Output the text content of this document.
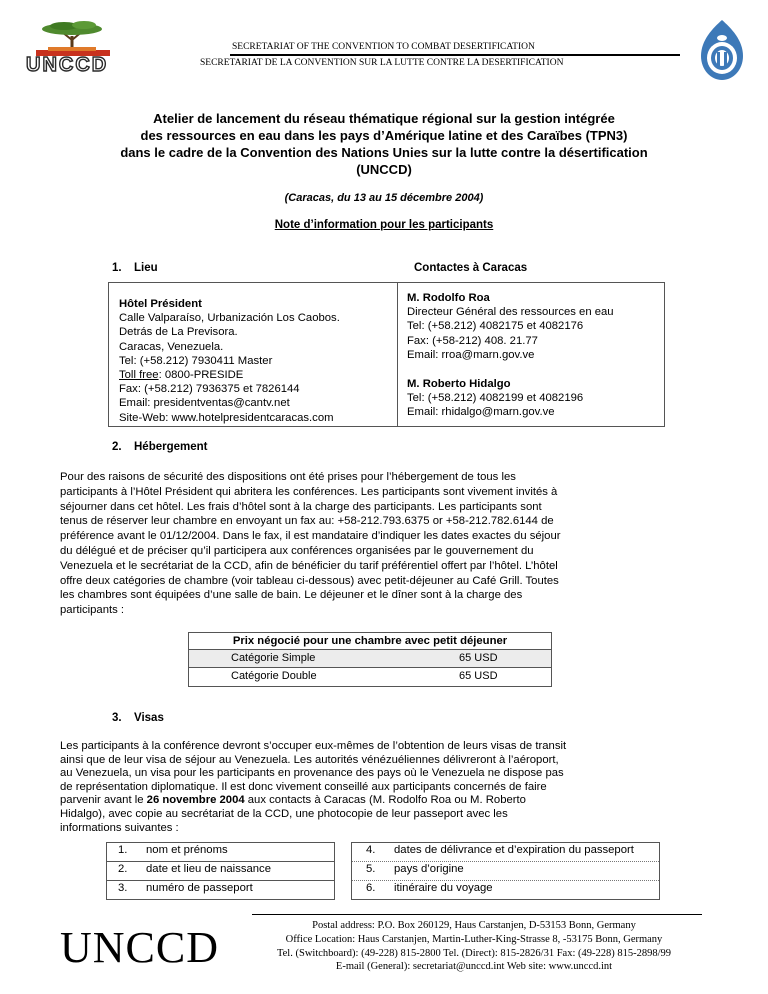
UNCCD
SECRETARIAT OF THE CONVENTION TO COMBAT DESERTIFICATION
SECRETARIAT DE LA CONVENTION SUR LA LUTTE CONTRE LA DESERTIFICATION
Atelier de lancement du réseau thématique régional sur la gestion intégrée
des ressources en eau dans les pays d’Amérique latine et des Caraïbes (TPN3)
dans le cadre de la Convention des Nations Unies sur la lutte contre la désertification
(UNCCD)
(Caracas, du 13 au 15 décembre 2004)
Note d’information pour les participants
1. Lieu	Contactes à Caracas
Hôtel Président
Calle Valparaíso, Urbanización Los Caobos.
Detrás de La Previsora.
Caracas, Venezuela.
Tel: (+58.212) 7930411 Master
Toll free: 0800-PRESIDE
Fax: (+58.212) 7936375 et 7826144
Email: presidentventas@cantv.net
Site-Web: www.hotelpresidentcaracas.com
M. Rodolfo Roa
Directeur Général des ressources en eau
Tel: (+58.212) 4082175 et 4082176
Fax: (+58-212) 408. 21.77
Email: rroa@marn.gov.ve
M. Roberto Hidalgo
Tel: (+58.212) 4082199 et 4082196
Email: rhidalgo@marn.gov.ve
2. Hébergement
Pour des raisons de sécurité des dispositions ont été prises pour l’hébergement de tous les
participants à l’Hôtel Président qui abritera les conférences. Les participants sont vivement invités à
séjourner dans cet hôtel. Les frais d’hôtel sont à la charge des participants. Les participants sont
tenus de réserver leur chambre en envoyant un fax au: +58-212.793.6375 or +58-212.782.6144 de
préférence avant le 01/12/2004. Dans le fax, il est mandataire d’indiquer les dates exactes du séjour
du délégué et de préciser qu’il participera aux conférences organisées par le gouvernement du
Venezuela et le secrétariat de la CCD, afin de bénéficier du tarif préférentiel offert par l’hôtel. L’hôtel
offre deux catégories de chambre (voir tableau ci-dessous) avec petit-déjeuner au Café Grill. Toutes
les chambres sont équipées d’une salle de bain. Le déjeuner et le dîner sont à la charge des
participants :
Prix négocié pour une chambre avec petit déjeuner
Catégorie Simple	65 USD
Catégorie Double	65 USD
3. Visas
Les participants à la conférence devront s’occuper eux-mêmes de l’obtention de leurs visas de transit
ainsi que de leur visa de séjour au Venezuela. Les autorités vénézuéliennes délivreront à l’aéroport,
au Venezuela, un visa pour les participants en provenance des pays où le Venezuela ne dispose pas
de représentation diplomatique. Il est donc vivement conseillé aux participants concernés de faire
parvenir avant le 26 novembre 2004 aux contacts à Caracas (M. Rodolfo Roa ou M. Roberto
Hidalgo), avec copie au secrétariat de la CCD, une photocopie de leur passeport avec les
informations suivantes :
1. nom et prénoms	4. dates de délivrance et d’expiration du passeport
2. date et lieu de naissance	5. pays d’origine
3. numéro de passeport	6. itinéraire du voyage
UNCCD	Postal address: P.O. Box 260129, Haus Carstanjen, D-53153 Bonn, Germany
Office Location: Haus Carstanjen, Martin-Luther-King-Strasse 8, -53175 Bonn, Germany
Tel. (Switchboard): (49-228) 815-2800 Tel. (Direct): 815-2826/31 Fax: (49-228) 815-2898/99
E-mail (General): secretariat@unccd.int Web site: www.unccd.int
